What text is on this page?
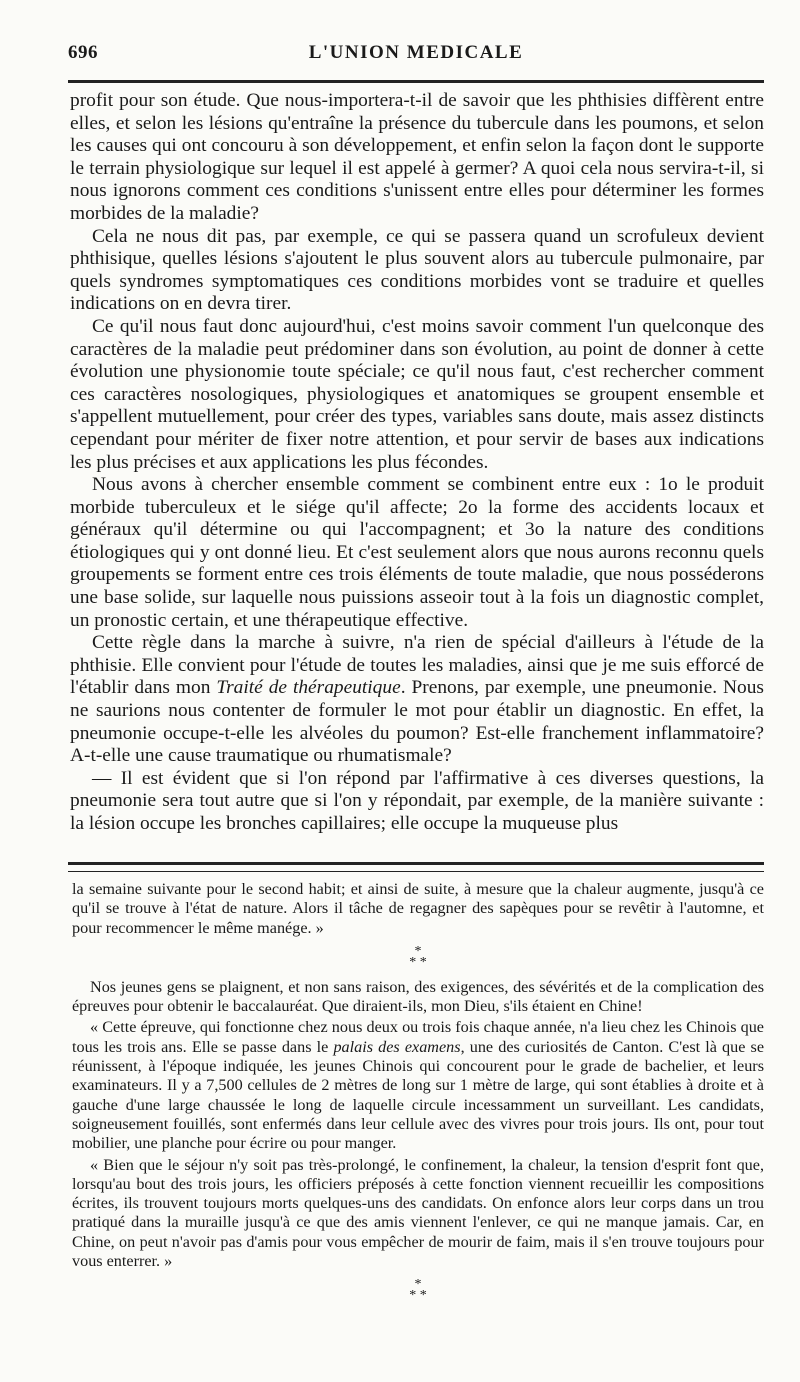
696	L'UNION MEDICALE

profit pour son étude. Que nous-importera-t-il de savoir que les phthisies diffèrent entre elles, et selon les lésions qu'entraîne la présence du tubercule dans les poumons, et selon les causes qui ont concouru à son développement, et enfin selon la façon dont le supporte le terrain physiologique sur lequel il est appelé à germer? A quoi cela nous servira-t-il, si nous ignorons comment ces conditions s'unissent entre elles pour déterminer les formes morbides de la maladie?

Cela ne nous dit pas, par exemple, ce qui se passera quand un scrofuleux devient phthisique, quelles lésions s'ajoutent le plus souvent alors au tubercule pulmonaire, par quels syndromes symptomatiques ces conditions morbides vont se traduire et quelles indications on en devra tirer.

Ce qu'il nous faut donc aujourd'hui, c'est moins savoir comment l'un quelconque des caractères de la maladie peut prédominer dans son évolution, au point de donner à cette évolution une physionomie toute spéciale; ce qu'il nous faut, c'est rechercher comment ces caractères nosologiques, physiologiques et anatomiques se groupent ensemble et s'appellent mutuellement, pour créer des types, variables sans doute, mais assez distincts cependant pour mériter de fixer notre attention, et pour servir de bases aux indications les plus précises et aux applications les plus fécondes.

Nous avons à chercher ensemble comment se combinent entre eux : 1o le produit morbide tuberculeux et le siége qu'il affecte; 2o la forme des accidents locaux et généraux qu'il détermine ou qui l'accompagnent; et 3o la nature des conditions étiologiques qui y ont donné lieu. Et c'est seulement alors que nous aurons reconnu quels groupements se forment entre ces trois éléments de toute maladie, que nous posséderons une base solide, sur laquelle nous puissions asseoir tout à la fois un diagnostic complet, un pronostic certain, et une thérapeutique effective.

Cette règle dans la marche à suivre, n'a rien de spécial d'ailleurs à l'étude de la phthisie. Elle convient pour l'étude de toutes les maladies, ainsi que je me suis efforcé de l'établir dans mon Traité de thérapeutique. Prenons, par exemple, une pneumonie. Nous ne saurions nous contenter de formuler le mot pour établir un diagnostic. En effet, la pneumonie occupe-t-elle les alvéoles du poumon? Est-elle franchement inflammatoire? A-t-elle une cause traumatique ou rhumatismale?

— Il est évident que si l'on répond par l'affirmative à ces diverses questions, la pneumonie sera tout autre que si l'on y répondait, par exemple, de la manière suivante : la lésion occupe les bronches capillaires; elle occupe la muqueuse plus

la semaine suivante pour le second habit; et ainsi de suite, à mesure que la chaleur augmente, jusqu'à ce qu'il se trouve à l'état de nature. Alors il tâche de regagner des sapèques pour se revêtir à l'automne, et pour recommencer le même manége. »

*
* *

Nos jeunes gens se plaignent, et non sans raison, des exigences, des sévérités et de la complication des épreuves pour obtenir le baccalauréat. Que diraient-ils, mon Dieu, s'ils étaient en Chine!

« Cette épreuve, qui fonctionne chez nous deux ou trois fois chaque année, n'a lieu chez les Chinois que tous les trois ans. Elle se passe dans le palais des examens, une des curiosités de Canton. C'est là que se réunissent, à l'époque indiquée, les jeunes Chinois qui concourent pour le grade de bachelier, et leurs examinateurs. Il y a 7,500 cellules de 2 mètres de long sur 1 mètre de large, qui sont établies à droite et à gauche d'une large chaussée le long de laquelle circule incessamment un surveillant. Les candidats, soigneusement fouillés, sont enfermés dans leur cellule avec des vivres pour trois jours. Ils ont, pour tout mobilier, une planche pour écrire ou pour manger.

« Bien que le séjour n'y soit pas très-prolongé, le confinement, la chaleur, la tension d'esprit font que, lorsqu'au bout des trois jours, les officiers préposés à cette fonction viennent recueillir les compositions écrites, ils trouvent toujours morts quelques-uns des candidats. On enfonce alors leur corps dans un trou pratiqué dans la muraille jusqu'à ce que des amis viennent l'enlever, ce qui ne manque jamais. Car, en Chine, on peut n'avoir pas d'amis pour vous empêcher de mourir de faim, mais il s'en trouve toujours pour vous enterrer. »

*
* *
